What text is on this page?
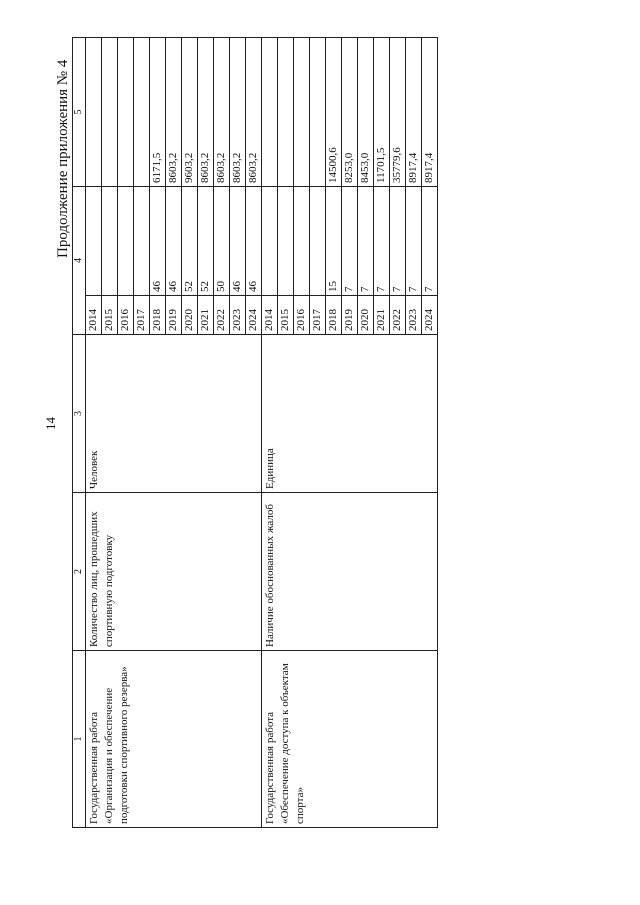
14
Продолжение приложения № 4
1	2	3	4		5
Государственная работа «Организация и обеспечение подготовки спортивного резерва»	Количество лиц, прошедших спортивную подготовку	Человек	2014		
			2015		
			2016		
			2017		
			2018	46	6171,5
			2019	46	8603,2
			2020	52	9603,2
			2021	52	8603,2
			2022	50	8603,2
			2023	46	8603,2
			2024	46	8603,2
Государственная работа «Обеспечение доступа к объектам спорта»	Наличие обоснованных жалоб	Единица	2014		
			2015		
			2016		
			2017		
			2018	15	14500,6
			2019	7	8253,0
			2020	7	8453,0
			2021	7	11701,5
			2022	7	35779,6
			2023	7	8917,4
			2024	7	8917,4
